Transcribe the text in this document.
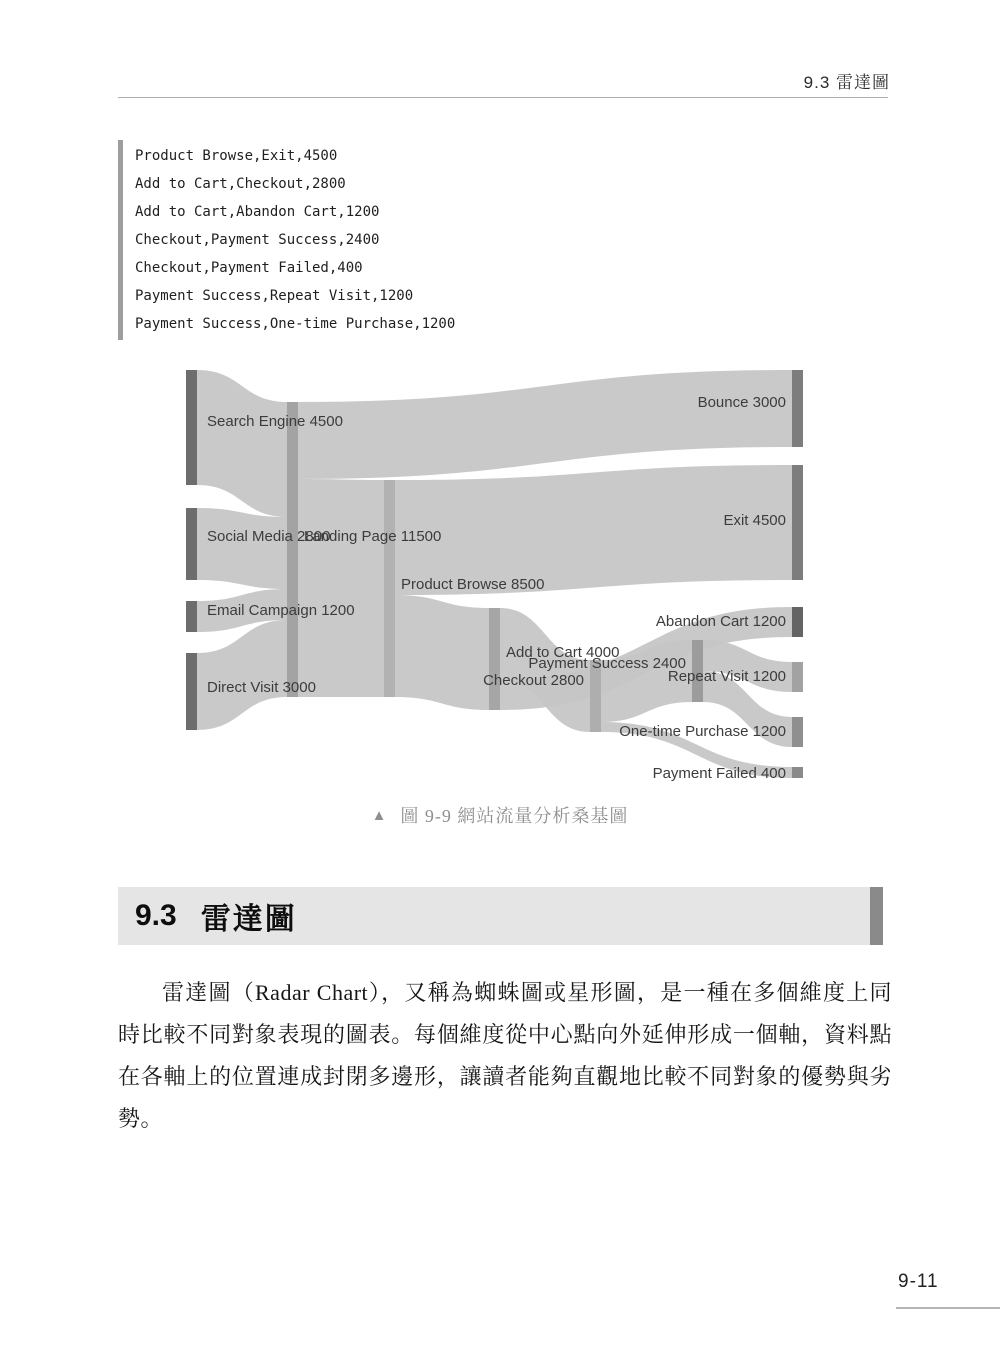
9.3 雷達圖
Product Browse,Exit,4500
Add to Cart,Checkout,2800
Add to Cart,Abandon Cart,1200
Checkout,Payment Success,2400
Checkout,Payment Failed,400
Payment Success,Repeat Visit,1200
Payment Success,One-time Purchase,1200
Search Engine 4500
Social Media 2800
Email Campaign 1200
Direct Visit 3000
Landing Page 11500
Product Browse 8500
Add to Cart 4000
Checkout 2800
Payment Success 2400
Bounce 3000
Exit 4500
Abandon Cart 1200
Repeat Visit 1200
One-time Purchase 1200
Payment Failed 400
▲ 圖 9-9 網站流量分析桑基圖
9.3 雷達圖

雷達圖（Radar Chart），又稱為蜘蛛圖或星形圖，是一種在多個維度上同時比較不同對象表現的圖表。每個維度從中心點向外延伸形成一個軸，資料點在各軸上的位置連成封閉多邊形，讓讀者能夠直觀地比較不同對象的優勢與劣勢。

9-11
